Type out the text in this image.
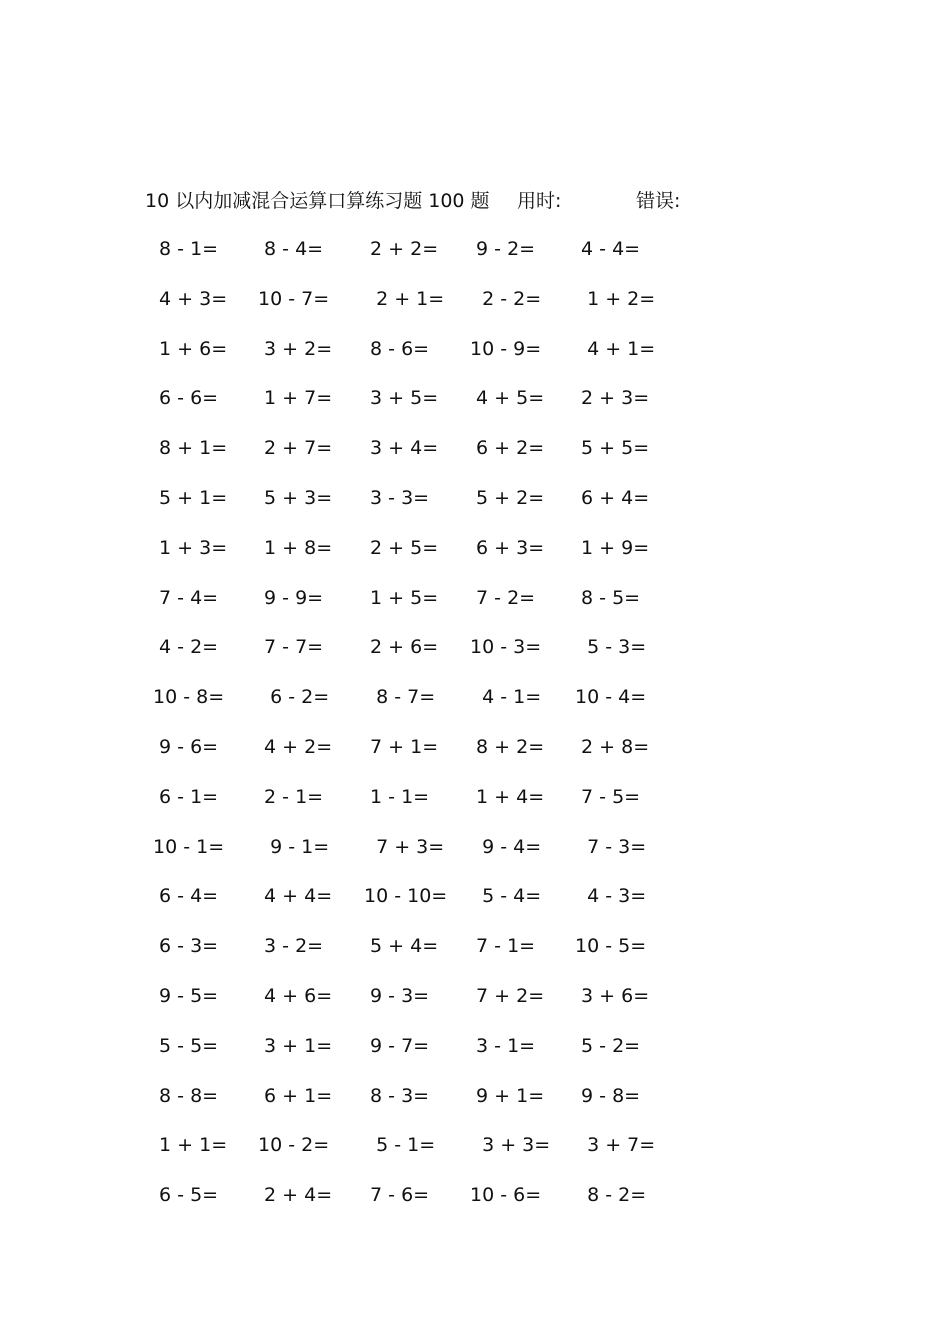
10 以内加减混合运算口算练习题 100 题 用时:	错误:
8 - 1= 8 - 4= 2 + 2= 9 - 2= 4 - 4=
4 + 3= 10 - 7= 2 + 1= 2 - 2= 1 + 2=
1 + 6= 3 + 2= 8 - 6= 10 - 9= 4 + 1=
6 - 6= 1 + 7= 3 + 5= 4 + 5= 2 + 3=
8 + 1= 2 + 7= 3 + 4= 6 + 2= 5 + 5=
5 + 1= 5 + 3= 3 - 3= 5 + 2= 6 + 4=
1 + 3= 1 + 8= 2 + 5= 6 + 3= 1 + 9=
7 - 4= 9 - 9= 1 + 5= 7 - 2= 8 - 5=
4 - 2= 7 - 7= 2 + 6= 10 - 3= 5 - 3=
10 - 8= 6 - 2= 8 - 7= 4 - 1= 10 - 4=
9 - 6= 4 + 2= 7 + 1= 8 + 2= 2 + 8=
6 - 1= 2 - 1= 1 - 1= 1 + 4= 7 - 5=
10 - 1= 9 - 1= 7 + 3= 9 - 4= 7 - 3=
6 - 4= 4 + 4= 10 - 10= 5 - 4= 4 - 3=
6 - 3= 3 - 2= 5 + 4= 7 - 1= 10 - 5=
9 - 5= 4 + 6= 9 - 3= 7 + 2= 3 + 6=
5 - 5= 3 + 1= 9 - 7= 3 - 1= 5 - 2=
8 - 8= 6 + 1= 8 - 3= 9 + 1= 9 - 8=
1 + 1= 10 - 2= 5 - 1= 3 + 3= 3 + 7=
6 - 5= 2 + 4= 7 - 6= 10 - 6= 8 - 2=
